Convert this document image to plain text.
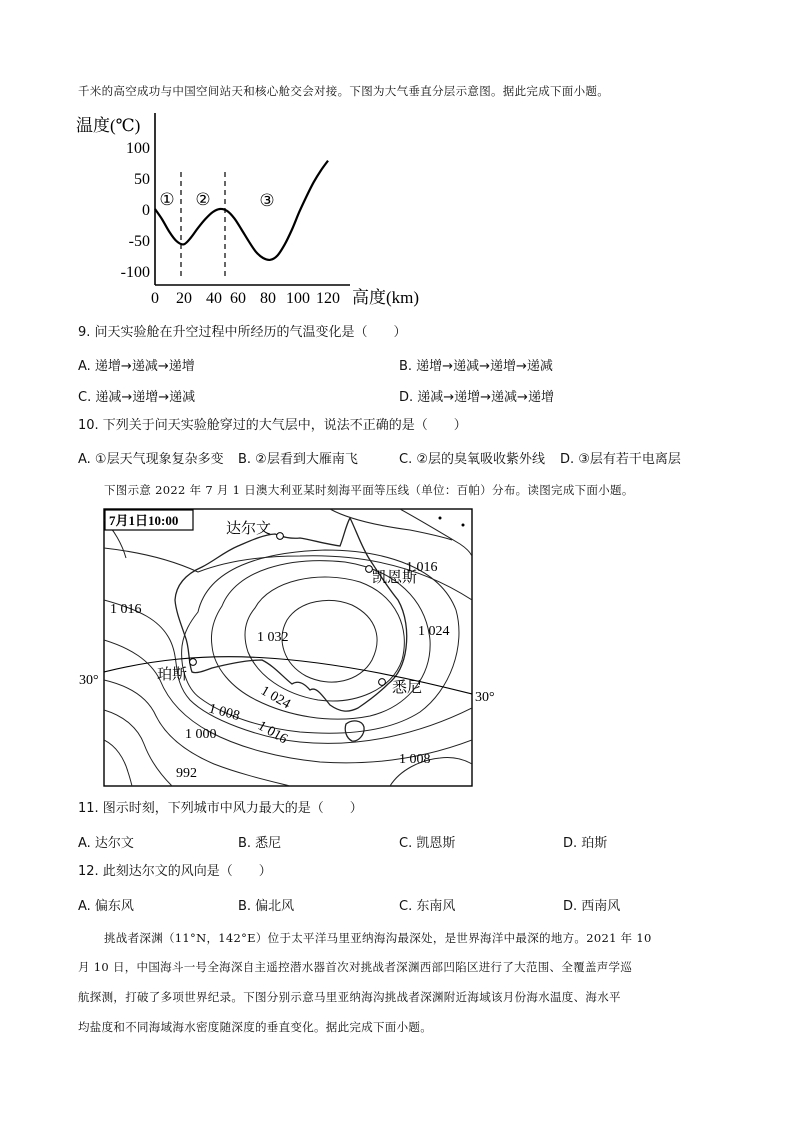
千米的高空成功与中国空间站天和核心舱交会对接。下图为大气垂直分层示意图。据此完成下面小题。
温度(℃)
高度(km)
100
50
0
-50
-100
0 20 40 60 80 100 120
① ②	③
9. 问天实验舱在升空过程中所经历的气温变化是（　　）
A. 递增→递减→递增	B. 递增→递减→递增→递减
C. 递减→递增→递减	D. 递减→递增→递减→递增
10. 下列关于问天实验舱穿过的大气层中，说法不正确的是（　　）
A. ①层天气现象复杂多变 B. ②层看到大雁南飞	C. ②层的臭氧吸收紫外线 D. ③层有若干电离层
下图示意 2022 年 7 月 1 日澳大利亚某时刻海平面等压线（单位：百帕）分布。读图完成下面小题。
7月1日10:00
达尔文
凯恩斯
珀斯
悉尼
1 016
1 016
1 024
1 032
1 024
1 008
1 016
1 000
992
1 008
30°
30°
11. 图示时刻，下列城市中风力最大的是（　　）
A. 达尔文	B. 悉尼	C. 凯恩斯	D. 珀斯
12. 此刻达尔文的风向是（　　）
A. 偏东风	B. 偏北风	C. 东南风	D. 西南风
挑战者深渊（11°N，142°E）位于太平洋马里亚纳海沟最深处，是世界海洋中最深的地方。2021 年 10
月 10 日，中国海斗一号全海深自主遥控潜水器首次对挑战者深渊西部凹陷区进行了大范围、全覆盖声学巡
航探测，打破了多项世界纪录。下图分别示意马里亚纳海沟挑战者深渊附近海域该月份海水温度、海水平
均盐度和不同海域海水密度随深度的垂直变化。据此完成下面小题。
